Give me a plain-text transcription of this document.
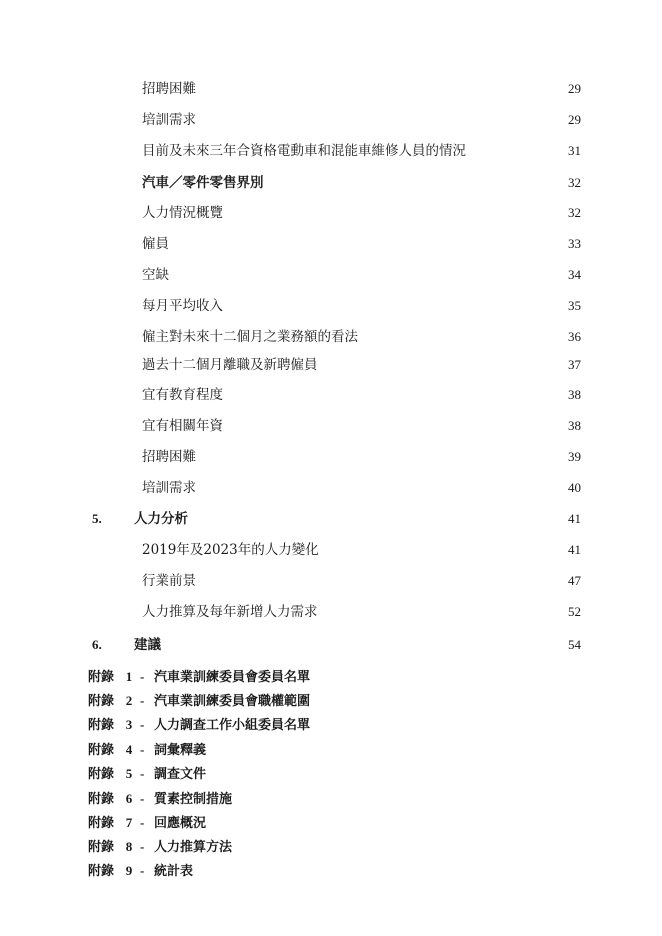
招聘困難	29
培訓需求	29
目前及未來三年合資格電動車和混能車維修人員的情況	31
汽車／零件零售界別	32
人力情況概覽	32
僱員	33
空缺	34
每月平均收入	35
僱主對未來十二個月之業務額的看法	36
過去十二個月離職及新聘僱員	37
宜有教育程度	38
宜有相關年資	38
招聘困難	39
培訓需求	40
5. 人力分析	41
2019年及2023年的人力變化	41
行業前景	47
人力推算及每年新增人力需求	52
6. 建議	54
附錄 1 - 汽車業訓練委員會委員名單
附錄 2 - 汽車業訓練委員會職權範圍
附錄 3 - 人力調查工作小組委員名單
附錄 4 - 詞彙釋義
附錄 5 - 調查文件
附錄 6 - 質素控制措施
附錄 7 - 回應概況
附錄 8 - 人力推算方法
附錄 9 - 統計表
